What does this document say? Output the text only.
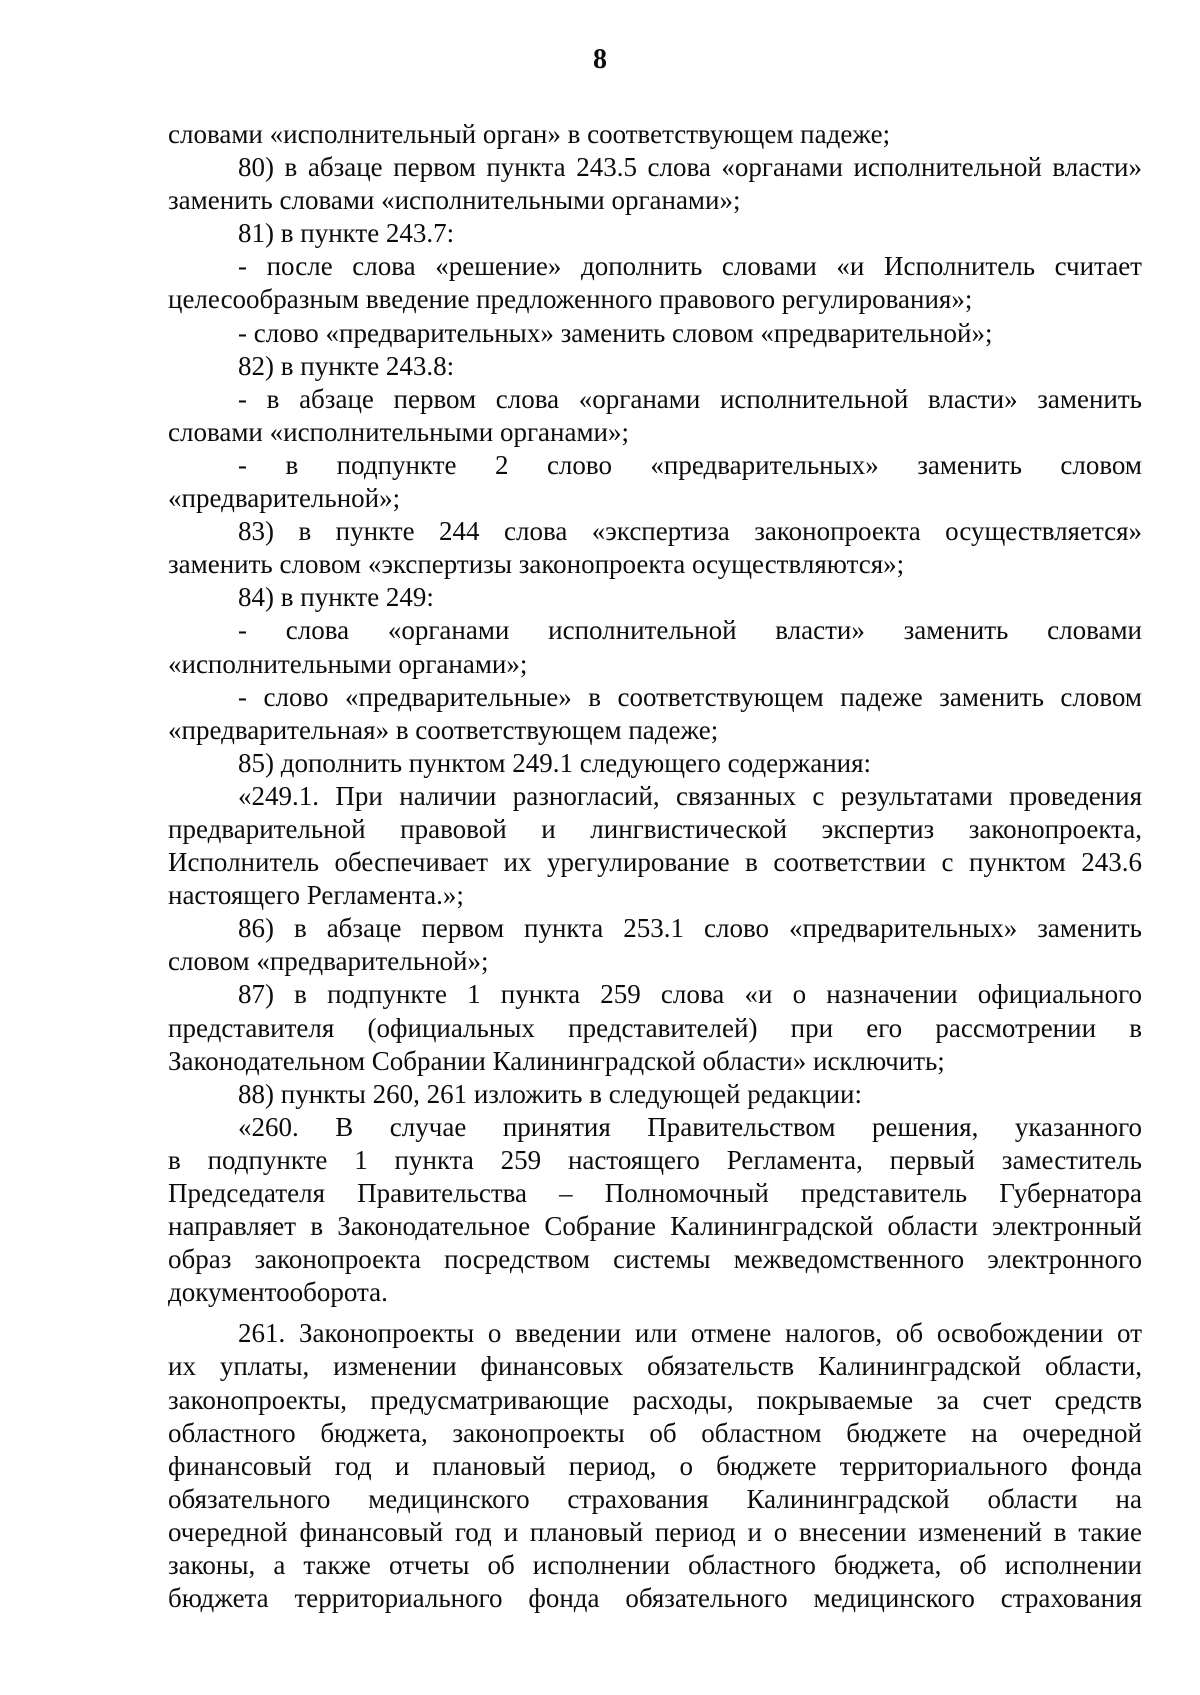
8
словами «исполнительный орган» в соответствующем падеже;
80) в абзаце первом пункта 243.5 слова «органами исполнительной власти»
заменить словами «исполнительными органами»;
81) в пункте 243.7:
- после слова «решение» дополнить словами «и Исполнитель считает
целесообразным введение предложенного правового регулирования»;
- слово «предварительных» заменить словом «предварительной»;
82) в пункте 243.8:
- в абзаце первом слова «органами исполнительной власти» заменить
словами «исполнительными органами»;
- в подпункте 2 слово «предварительных» заменить словом
«предварительной»;
83) в пункте 244 слова «экспертиза законопроекта осуществляется»
заменить словом «экспертизы законопроекта осуществляются»;
84) в пункте 249:
- слова «органами исполнительной власти» заменить словами
«исполнительными органами»;
- слово «предварительные» в соответствующем падеже заменить словом
«предварительная» в соответствующем падеже;
85) дополнить пунктом 249.1 следующего содержания:
«249.1. При наличии разногласий, связанных с результатами проведения
предварительной правовой и лингвистической экспертиз законопроекта,
Исполнитель обеспечивает их урегулирование в соответствии с пунктом 243.6
настоящего Регламента.»;
86) в абзаце первом пункта 253.1 слово «предварительных» заменить
словом «предварительной»;
87) в подпункте 1 пункта 259 слова «и о назначении официального
представителя (официальных представителей) при его рассмотрении в
Законодательном Собрании Калининградской области» исключить;
88) пункты 260, 261 изложить в следующей редакции:
«260. В случае принятия Правительством решения, указанного
в подпункте 1 пункта 259 настоящего Регламента, первый заместитель
Председателя Правительства – Полномочный представитель Губернатора
направляет в Законодательное Собрание Калининградской области электронный
образ законопроекта посредством системы межведомственного электронного
документооборота.
261. Законопроекты о введении или отмене налогов, об освобождении от
их уплаты, изменении финансовых обязательств Калининградской области,
законопроекты, предусматривающие расходы, покрываемые за счет средств
областного бюджета, законопроекты об областном бюджете на очередной
финансовый год и плановый период, о бюджете территориального фонда
обязательного медицинского страхования Калининградской области на
очередной финансовый год и плановый период и о внесении изменений в такие
законы, а также отчеты об исполнении областного бюджета, об исполнении
бюджета территориального фонда обязательного медицинского страхования
